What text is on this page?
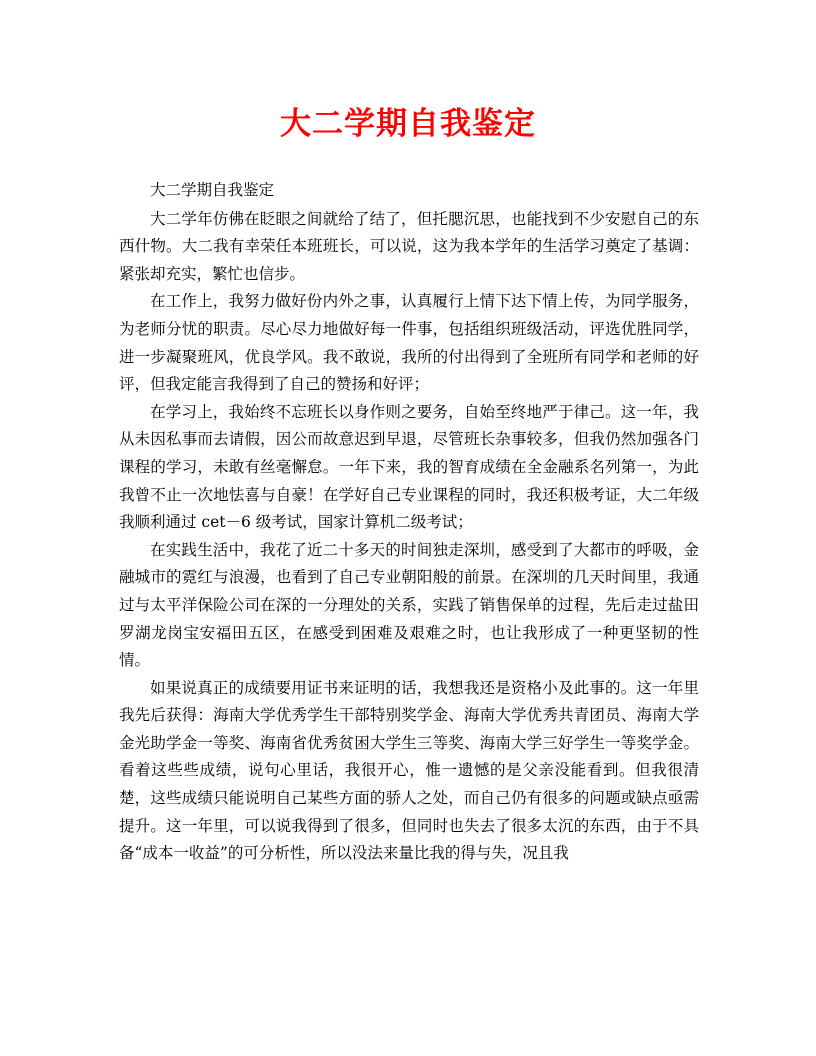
大二学期自我鉴定

大二学期自我鉴定

大二学年仿佛在眨眼之间就给了结了，但托腮沉思，也能找到不少安慰自己的东西什物。大二我有幸荣任本班班长，可以说，这为我本学年的生活学习奠定了基调：紧张却充实，繁忙也信步。

在工作上，我努力做好份内外之事，认真履行上情下达下情上传，为同学服务，为老师分忧的职责。尽心尽力地做好每一件事，包括组织班级活动，评选优胜同学，进一步凝聚班风，优良学风。我不敢说，我所的付出得到了全班所有同学和老师的好评，但我定能言我得到了自己的赞扬和好评；

在学习上，我始终不忘班长以身作则之要务，自始至终地严于律己。这一年，我从未因私事而去请假，因公而故意迟到早退，尽管班长杂事较多，但我仍然加强各门课程的学习，未敢有丝毫懈怠。一年下来，我的智育成绩在全金融系名列第一，为此我曾不止一次地怯喜与自豪！在学好自己专业课程的同时，我还积极考证，大二年级我顺利通过 cet－6 级考试，国家计算机二级考试；

在实践生活中，我花了近二十多天的时间独走深圳，感受到了大都市的呼吸，金融城市的霓红与浪漫，也看到了自己专业朝阳般的前景。在深圳的几天时间里，我通过与太平洋保险公司在深的一分理处的关系，实践了销售保单的过程，先后走过盐田罗湖龙岗宝安福田五区，在感受到困难及艰难之时，也让我形成了一种更坚韧的性情。

如果说真正的成绩要用证书来证明的话，我想我还是资格小及此事的。这一年里我先后获得：海南大学优秀学生干部特别奖学金、海南大学优秀共青团员、海南大学金光助学金一等奖、海南省优秀贫困大学生三等奖、海南大学三好学生一等奖学金。看着这些些成绩，说句心里话，我很开心，惟一遗憾的是父亲没能看到。但我很清楚，这些成绩只能说明自己某些方面的骄人之处，而自己仍有很多的问题或缺点亟需提升。这一年里，可以说我得到了很多，但同时也失去了很多太沉的东西，由于不具备“成本一收益”的可分析性，所以没法来量比我的得与失，况且我
